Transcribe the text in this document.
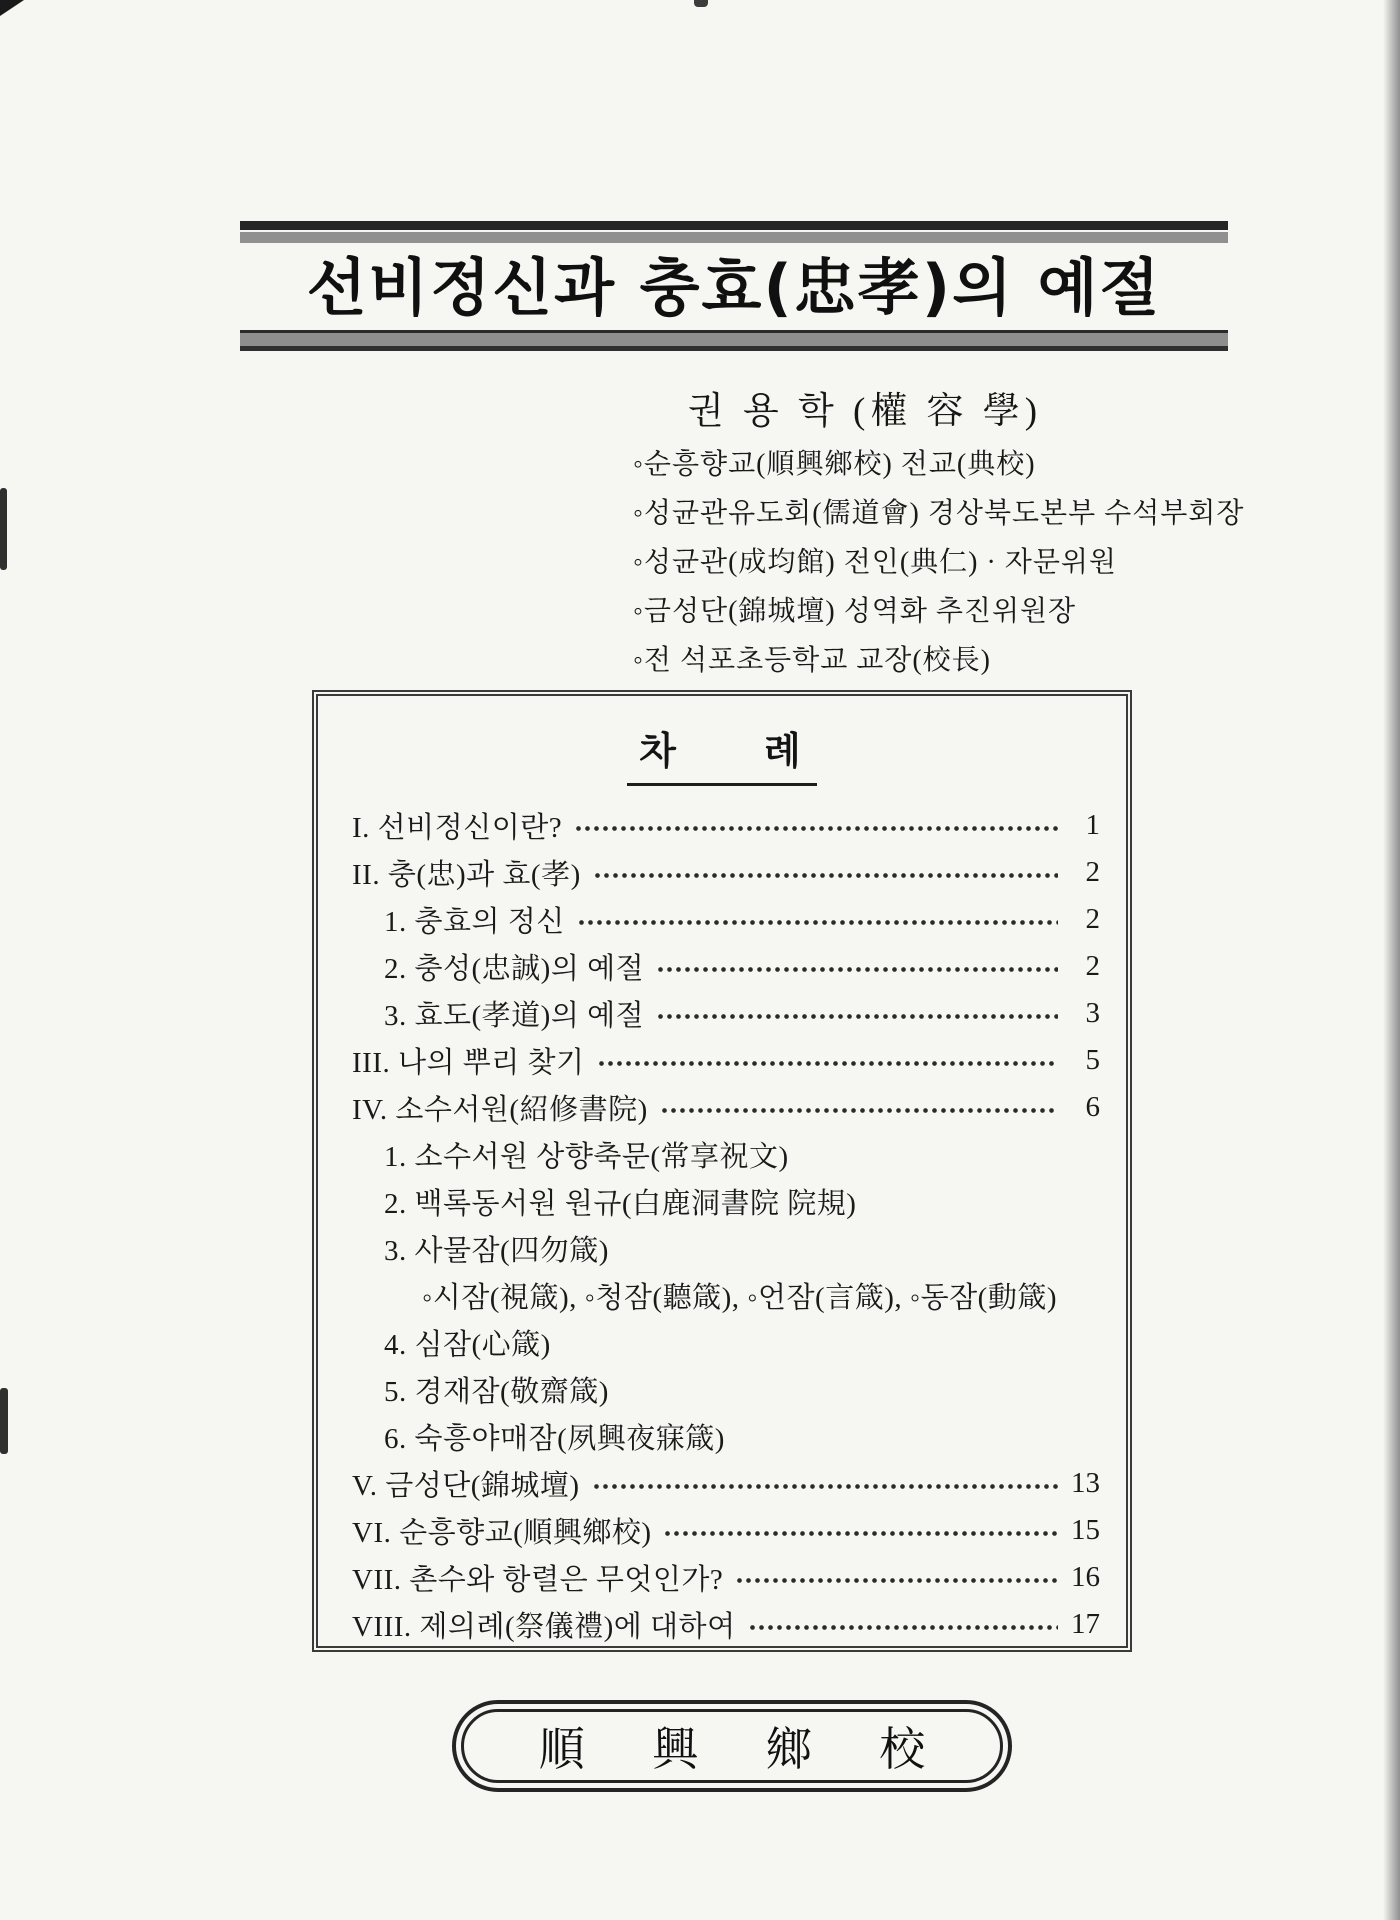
선비정신과 충효(忠孝)의 예절
권 용 학 (權 容 學)
◦순흥향교(順興鄉校) 전교(典校)
◦성균관유도회(儒道會) 경상북도본부 수석부회장
◦성균관(成均館) 전인(典仁) · 자문위원
◦금성단(錦城壇) 성역화 추진위원장
◦전 석포초등학교 교장(校長)
차　　례
I. 선비정신이란?	1
II. 충(忠)과 효(孝)	2
1. 충효의 정신	2
2. 충성(忠誠)의 예절	2
3. 효도(孝道)의 예절	3
III. 나의 뿌리 찾기	5
IV. 소수서원(紹修書院)	6
1. 소수서원 상향축문(常享祝文)
2. 백록동서원 원규(白鹿洞書院 院規)
3. 사물잠(四勿箴)
◦시잠(視箴), ◦청잠(聽箴), ◦언잠(言箴), ◦동잠(動箴)
4. 심잠(心箴)
5. 경재잠(敬齋箴)
6. 숙흥야매잠(夙興夜寐箴)
V. 금성단(錦城壇)	13
VI. 순흥향교(順興鄉校)	15
VII. 촌수와 항렬은 무엇인가?	16
VIII. 제의례(祭儀禮)에 대하여	17
順 興 鄉 校
